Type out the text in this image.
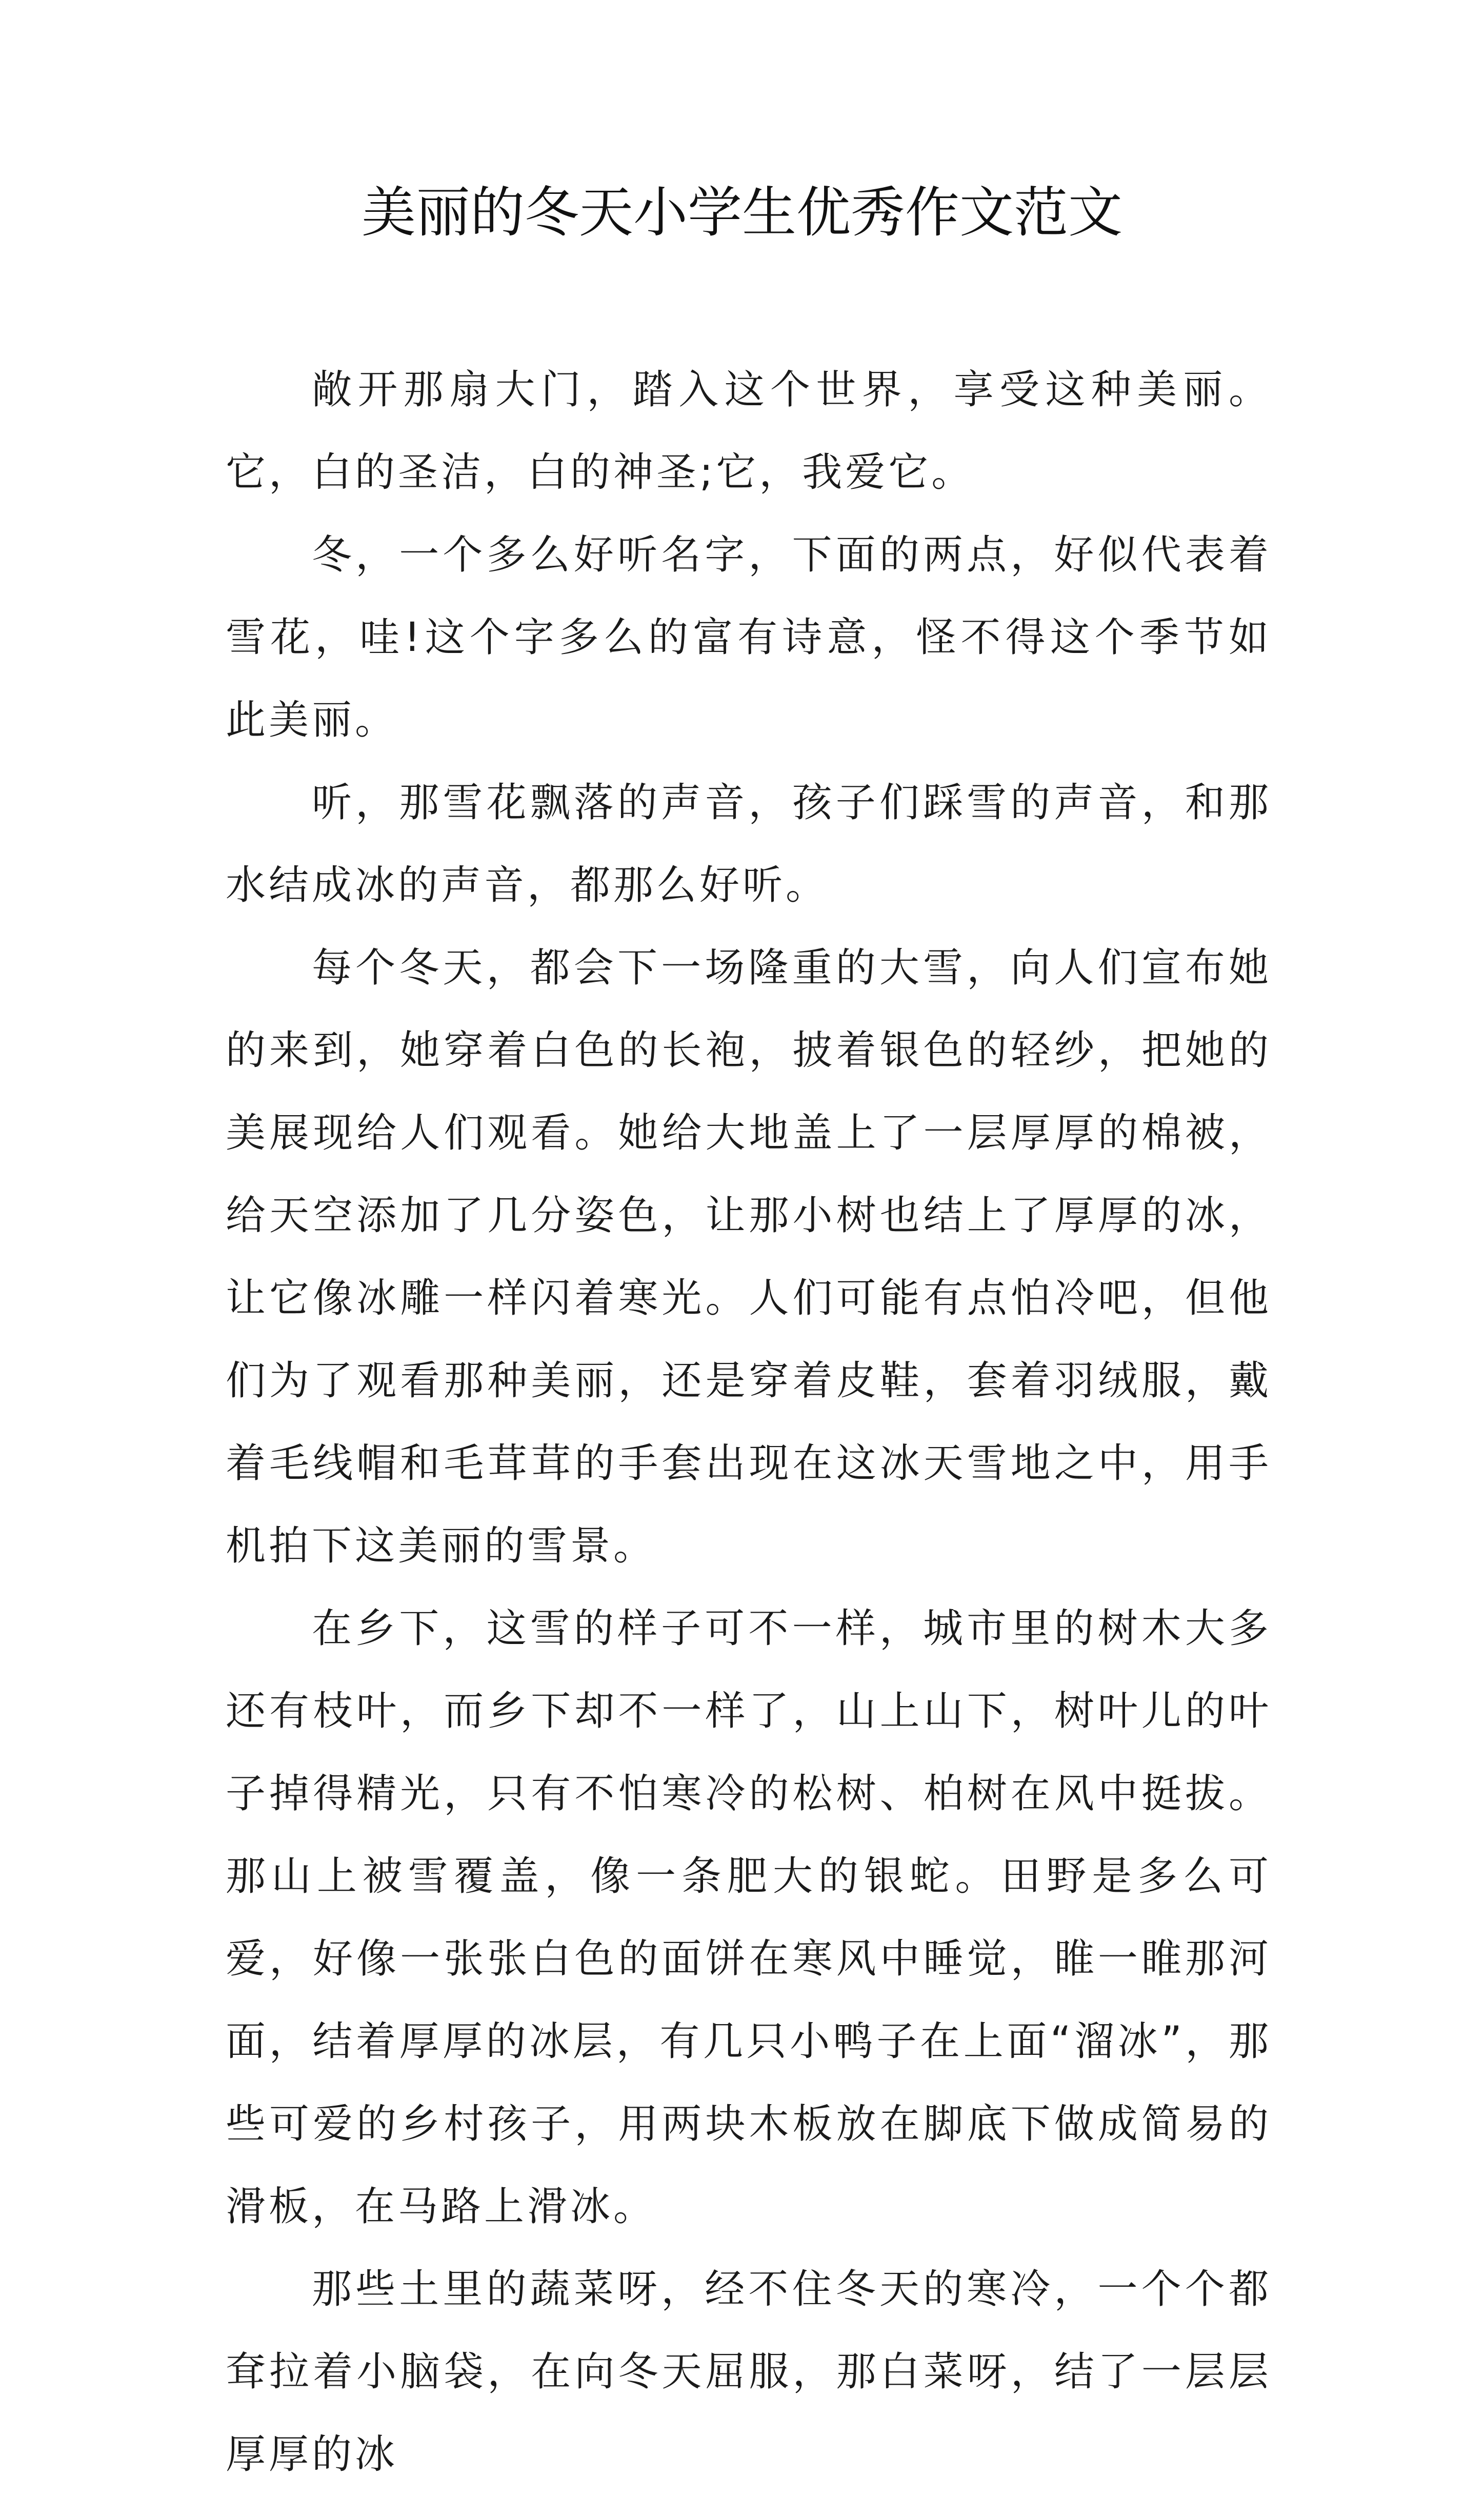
美丽的冬天小学生优秀作文范文

敞开那扇大门，踏入这个世界，享受这种美丽。它，白的圣洁，白的神圣;它，我爱它。

冬，一个多么好听名字，下面的两点，好似代表着雪花，哇!这个字多么的富有诗意，怪不得这个季节如此美丽。

听，那雪花飘落的声音，孩子们踩雪的声音，和那水结成冰的声音，都那么好听。

每个冬天，都会下一场隆重的大雪，向人们宣布她的来到，她穿着白色的长袍，披着银色的轻纱，把她的美展现给人们观看。她给大地盖上了一层厚厚的棉被，给天空添加了几分姿色，让那小树也结上了厚厚的冰，让它像冰雕一样闪着寒光。人们可能有点怕冷吧，但他们为了观看那种美丽，还是穿着皮鞋，套着羽绒服，戴着毛线帽和毛茸茸的手套出现在这冰天雪地之中，用手机拍下这美丽的雪景。

在乡下，这雪的样子可不一样，城市里的树木大多还有枝叶，而乡下却不一样了，山上山下，树叶儿的叶子掉得精光，只有不怕寒冷的松树、柏树在风中挺拔。那山上被雪覆盖，像一条肥大的银蛇。田野是多么可爱，好像一张张白色的面饼在寒风中睡觉，睢一睢那河面，结着厚厚的冰层，有几只小鸭子在上面“溜冰”，那些可爱的乡村孩子，用两块木板放在脚底下做成简易的滑板，在马路上滑冰。

那些土里的蔬菜呀，经不住冬天的寒冷，一个个都耷拉着小脑袋，在向冬天屈服，那白菜呀，结了一层层厚厚的冰
